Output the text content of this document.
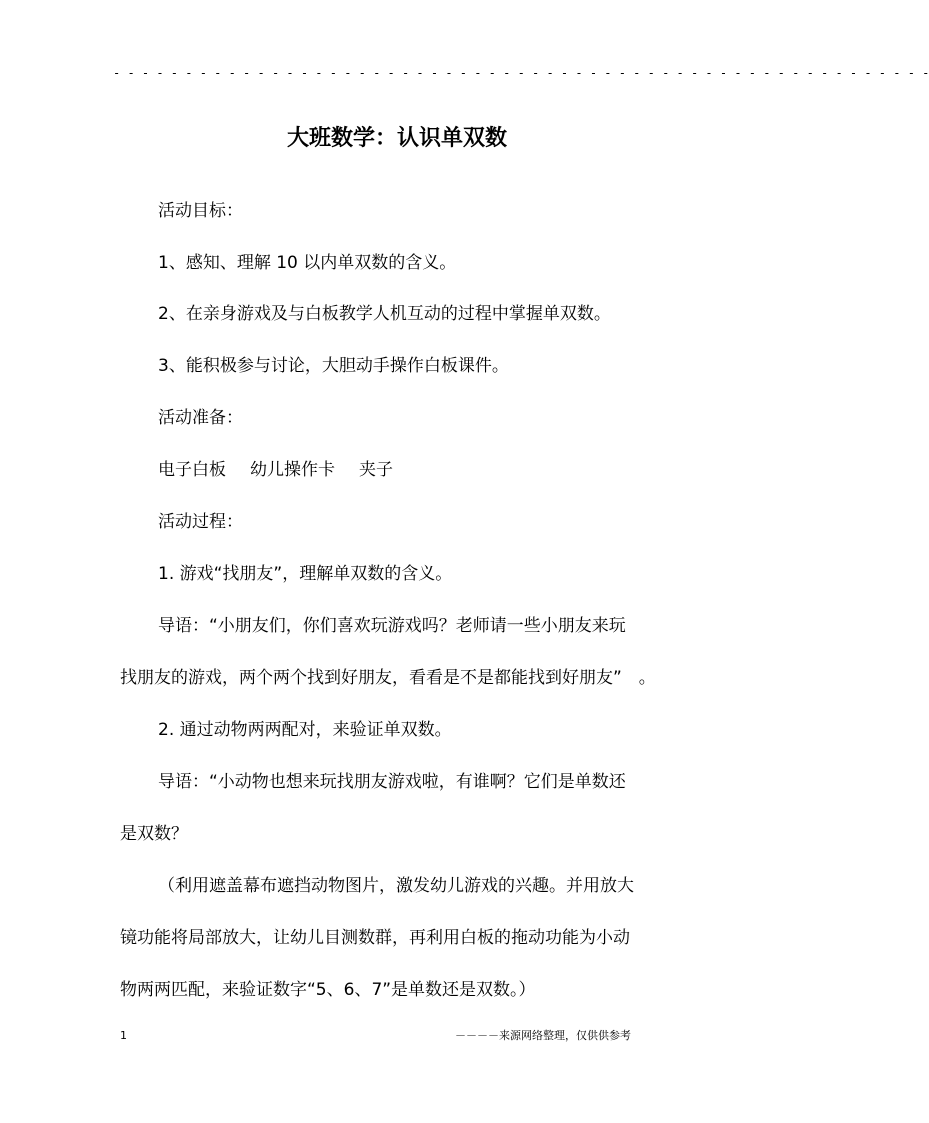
- - - - - - - - - - - - - - - - - - - - - - - - - - - - - - - - - - - - - - - - - - - - - - - - - - - - - - - - -
大班数学：认识单双数
活动目标：
1、感知、理解 10 以内单双数的含义。
2、在亲身游戏及与白板教学人机互动的过程中掌握单双数。
3、能积极参与讨论，大胆动手操作白板课件。
活动准备：
电子白板 幼儿操作卡 夹子
活动过程：
1. 游戏“找朋友”，理解单双数的含义。
导语：“小朋友们，你们喜欢玩游戏吗？老师请一些小朋友来玩
找朋友的游戏，两个两个找到好朋友，看看是不是都能找到好朋友”　。
2. 通过动物两两配对，来验证单双数。
导语：“小动物也想来玩找朋友游戏啦，有谁啊？它们是单数还
是双数？
（利用遮盖幕布遮挡动物图片，激发幼儿游戏的兴趣。并用放大
镜功能将局部放大，让幼儿目测数群，再利用白板的拖动功能为小动
物两两匹配，来验证数字“5、6、7”是单数还是双数。）
1	－－－－来源网络整理，仅供供参考
